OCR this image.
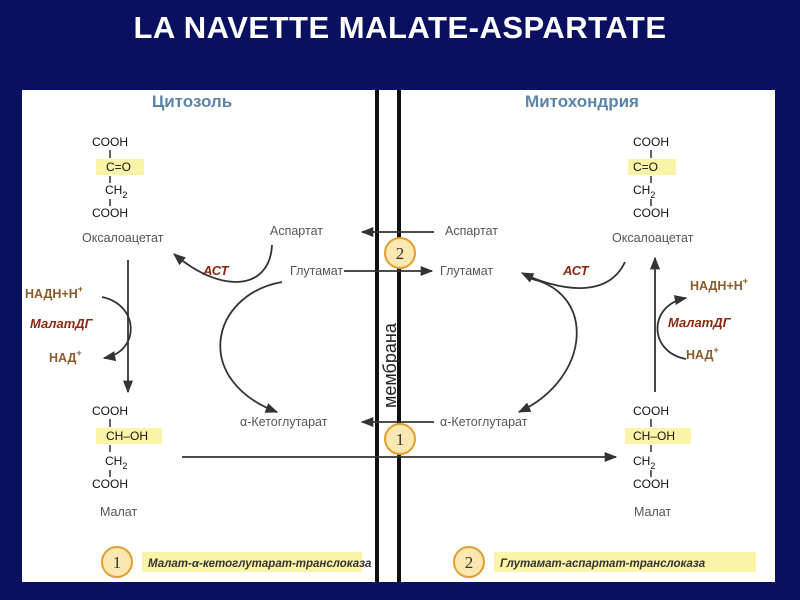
LA NAVETTE MALATE-ASPARTATE
Цитозоль	Митохондрия
мембрана
COOH
C=O
$CH_2$
COOH
Оксалоацетат
COOH
CH–OH
$CH_2$
COOH
Малат
НАДН+Н+
МалатДГ
НАД+
Аспартат
Глутамат
α-Кетоглутарат
АСТ
COOH
C=O
$CH_2$
COOH
Оксалоацетат
COOH
CH–OH
$CH_2$
COOH
Малат
НАДН+Н+
МалатДГ
НАД+
Аспартат
Глутамат
α-Кетоглутарат
АСТ
2
1
1 Малат-α-кетоглутарат-транслоказа	2 Глутамат-аспартат-транслоказа
